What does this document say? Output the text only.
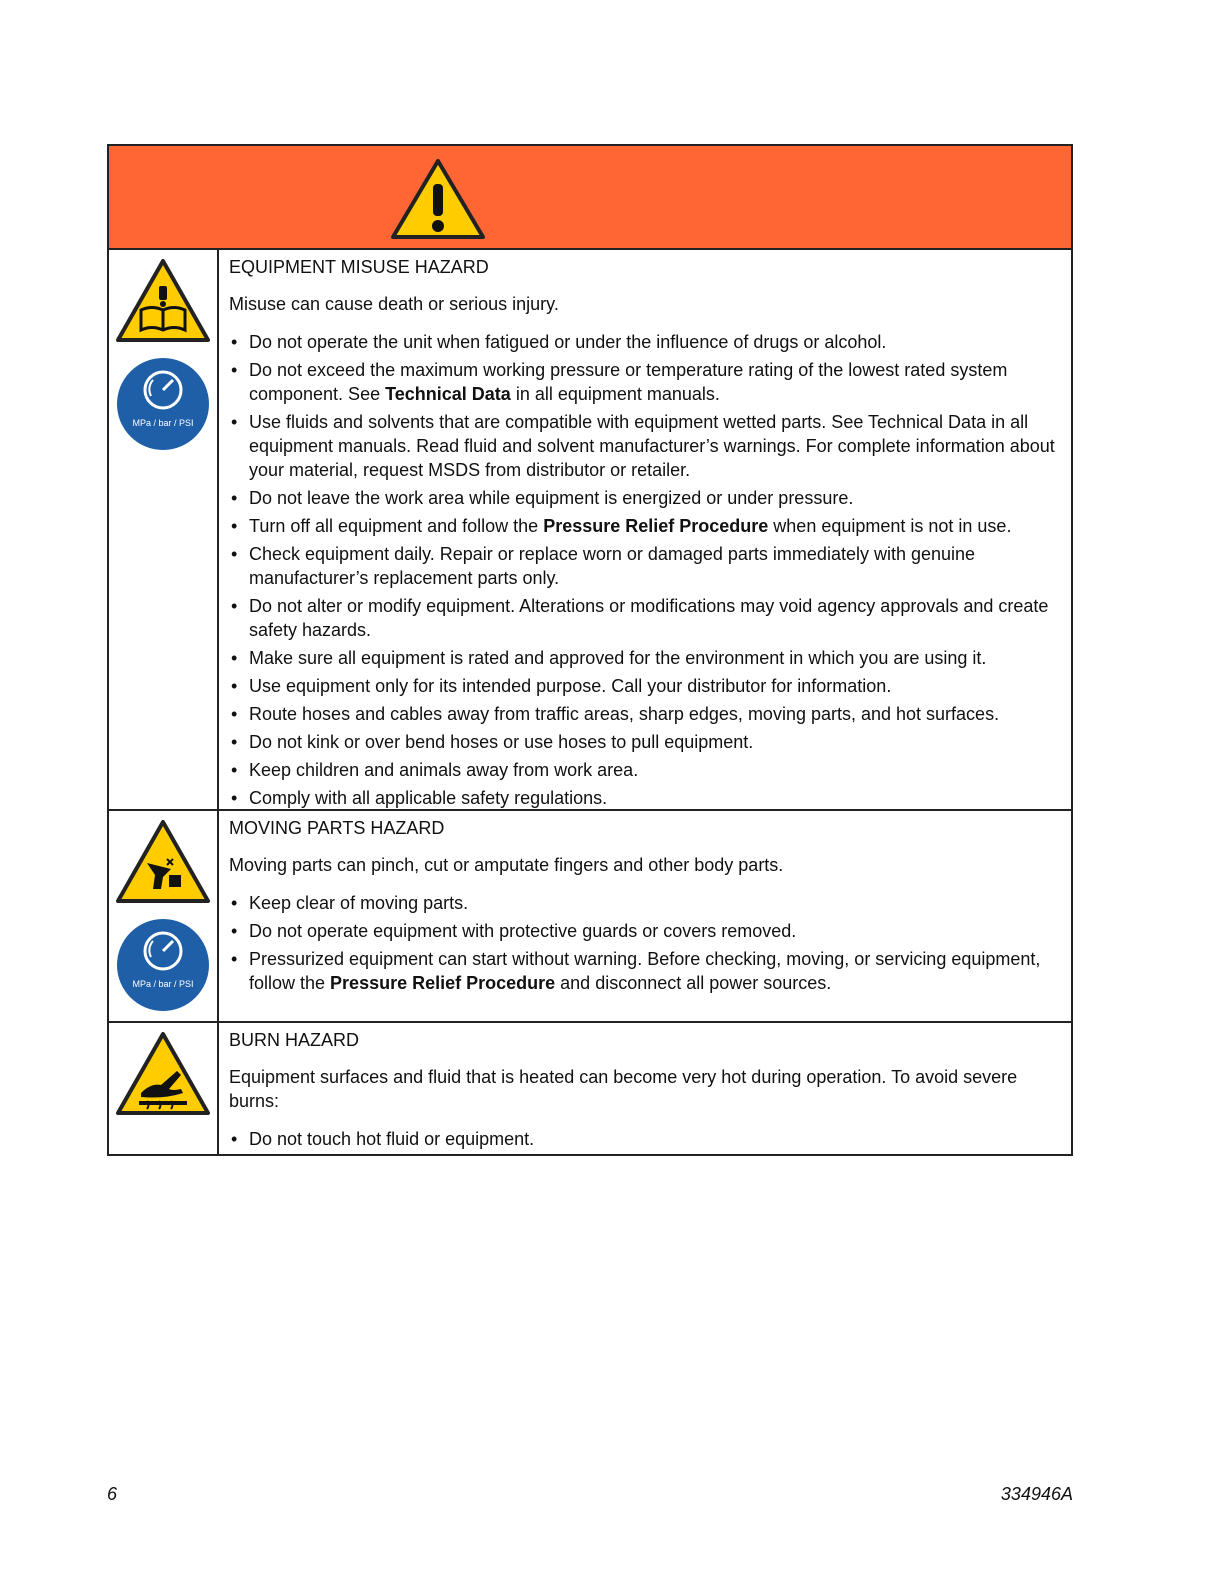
MPa / bar / PSI
EQUIPMENT MISUSE HAZARD
Misuse can cause death or serious injury.
• Do not operate the unit when fatigued or under the influence of drugs or alcohol.
• Do not exceed the maximum working pressure or temperature rating of the lowest rated system component. See Technical Data in all equipment manuals.
• Use fluids and solvents that are compatible with equipment wetted parts. See Technical Data in all equipment manuals. Read fluid and solvent manufacturer’s warnings. For complete information about your material, request MSDS from distributor or retailer.
• Do not leave the work area while equipment is energized or under pressure.
• Turn off all equipment and follow the Pressure Relief Procedure when equipment is not in use.
• Check equipment daily. Repair or replace worn or damaged parts immediately with genuine manufacturer’s replacement parts only.
• Do not alter or modify equipment. Alterations or modifications may void agency approvals and create safety hazards.
• Make sure all equipment is rated and approved for the environment in which you are using it.
• Use equipment only for its intended purpose. Call your distributor for information.
• Route hoses and cables away from traffic areas, sharp edges, moving parts, and hot surfaces.
• Do not kink or over bend hoses or use hoses to pull equipment.
• Keep children and animals away from work area.
• Comply with all applicable safety regulations.
MPa / bar / PSI
MOVING PARTS HAZARD
Moving parts can pinch, cut or amputate fingers and other body parts.
• Keep clear of moving parts.
• Do not operate equipment with protective guards or covers removed.
• Pressurized equipment can start without warning. Before checking, moving, or servicing equipment, follow the Pressure Relief Procedure and disconnect all power sources.
BURN HAZARD
Equipment surfaces and fluid that is heated can become very hot during operation. To avoid severe burns:
• Do not touch hot fluid or equipment.
6	334946A
